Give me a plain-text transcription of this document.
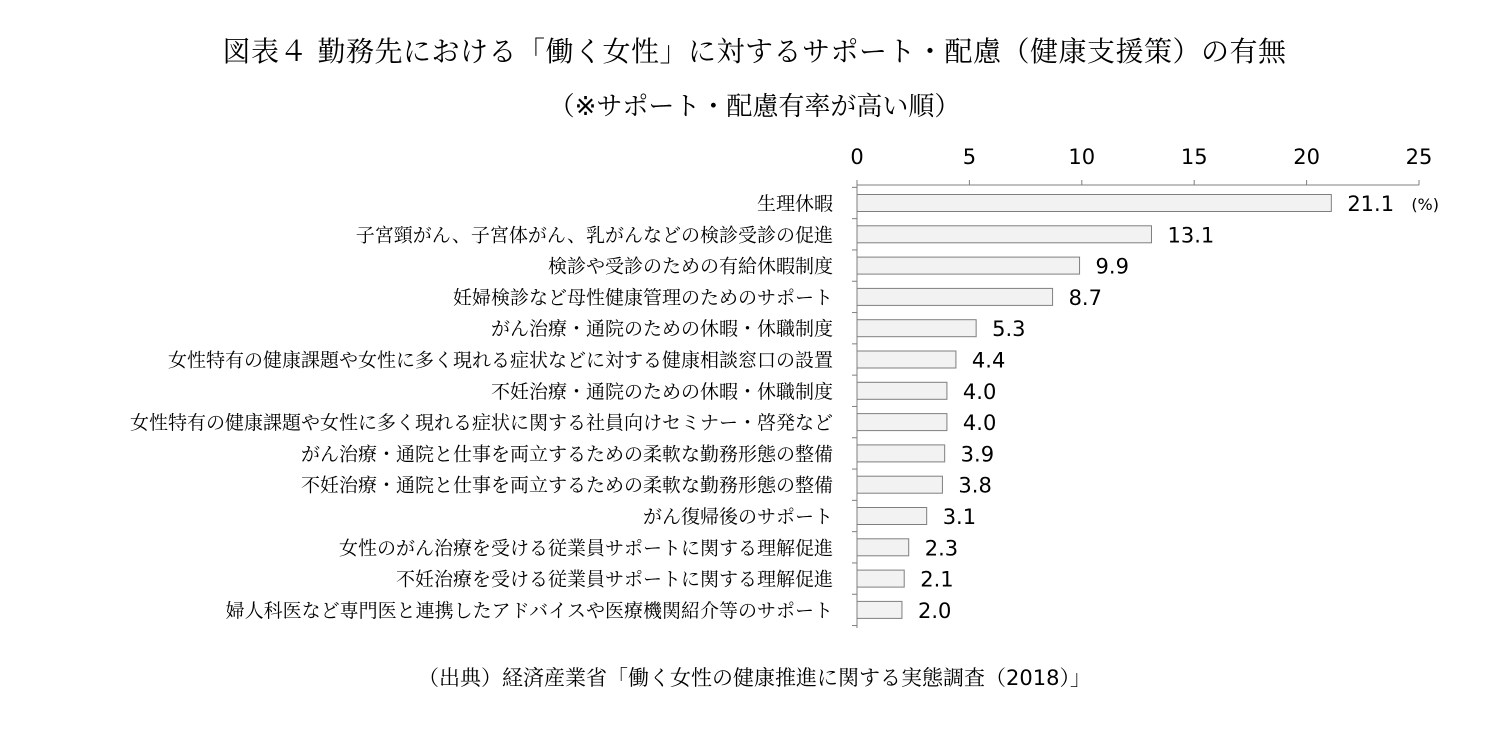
図表４ 勤務先における「働く女性」に対するサポート・配慮（健康支援策）の有無
（※サポート・配慮有率が高い順）
0	5	10	15	20	25
生理休暇	21.1 (%)
子宮頸がん、子宮体がん、乳がんなどの検診受診の促進	13.1
検診や受診のための有給休暇制度	9.9
妊婦検診など母性健康管理のためのサポート	8.7
がん治療・通院のための休暇・休職制度	5.3
女性特有の健康課題や女性に多く現れる症状などに対する健康相談窓口の設置	4.4
不妊治療・通院のための休暇・休職制度	4.0
女性特有の健康課題や女性に多く現れる症状に関する社員向けセミナー・啓発など	4.0
がん治療・通院と仕事を両立するための柔軟な勤務形態の整備	3.9
不妊治療・通院と仕事を両立するための柔軟な勤務形態の整備	3.8
がん復帰後のサポート	3.1
女性のがん治療を受ける従業員サポートに関する理解促進	2.3
不妊治療を受ける従業員サポートに関する理解促進	2.1
婦人科医など専門医と連携したアドバイスや医療機関紹介等のサポート	2.0
（出典）経済産業省「働く女性の健康推進に関する実態調査（2018）」
